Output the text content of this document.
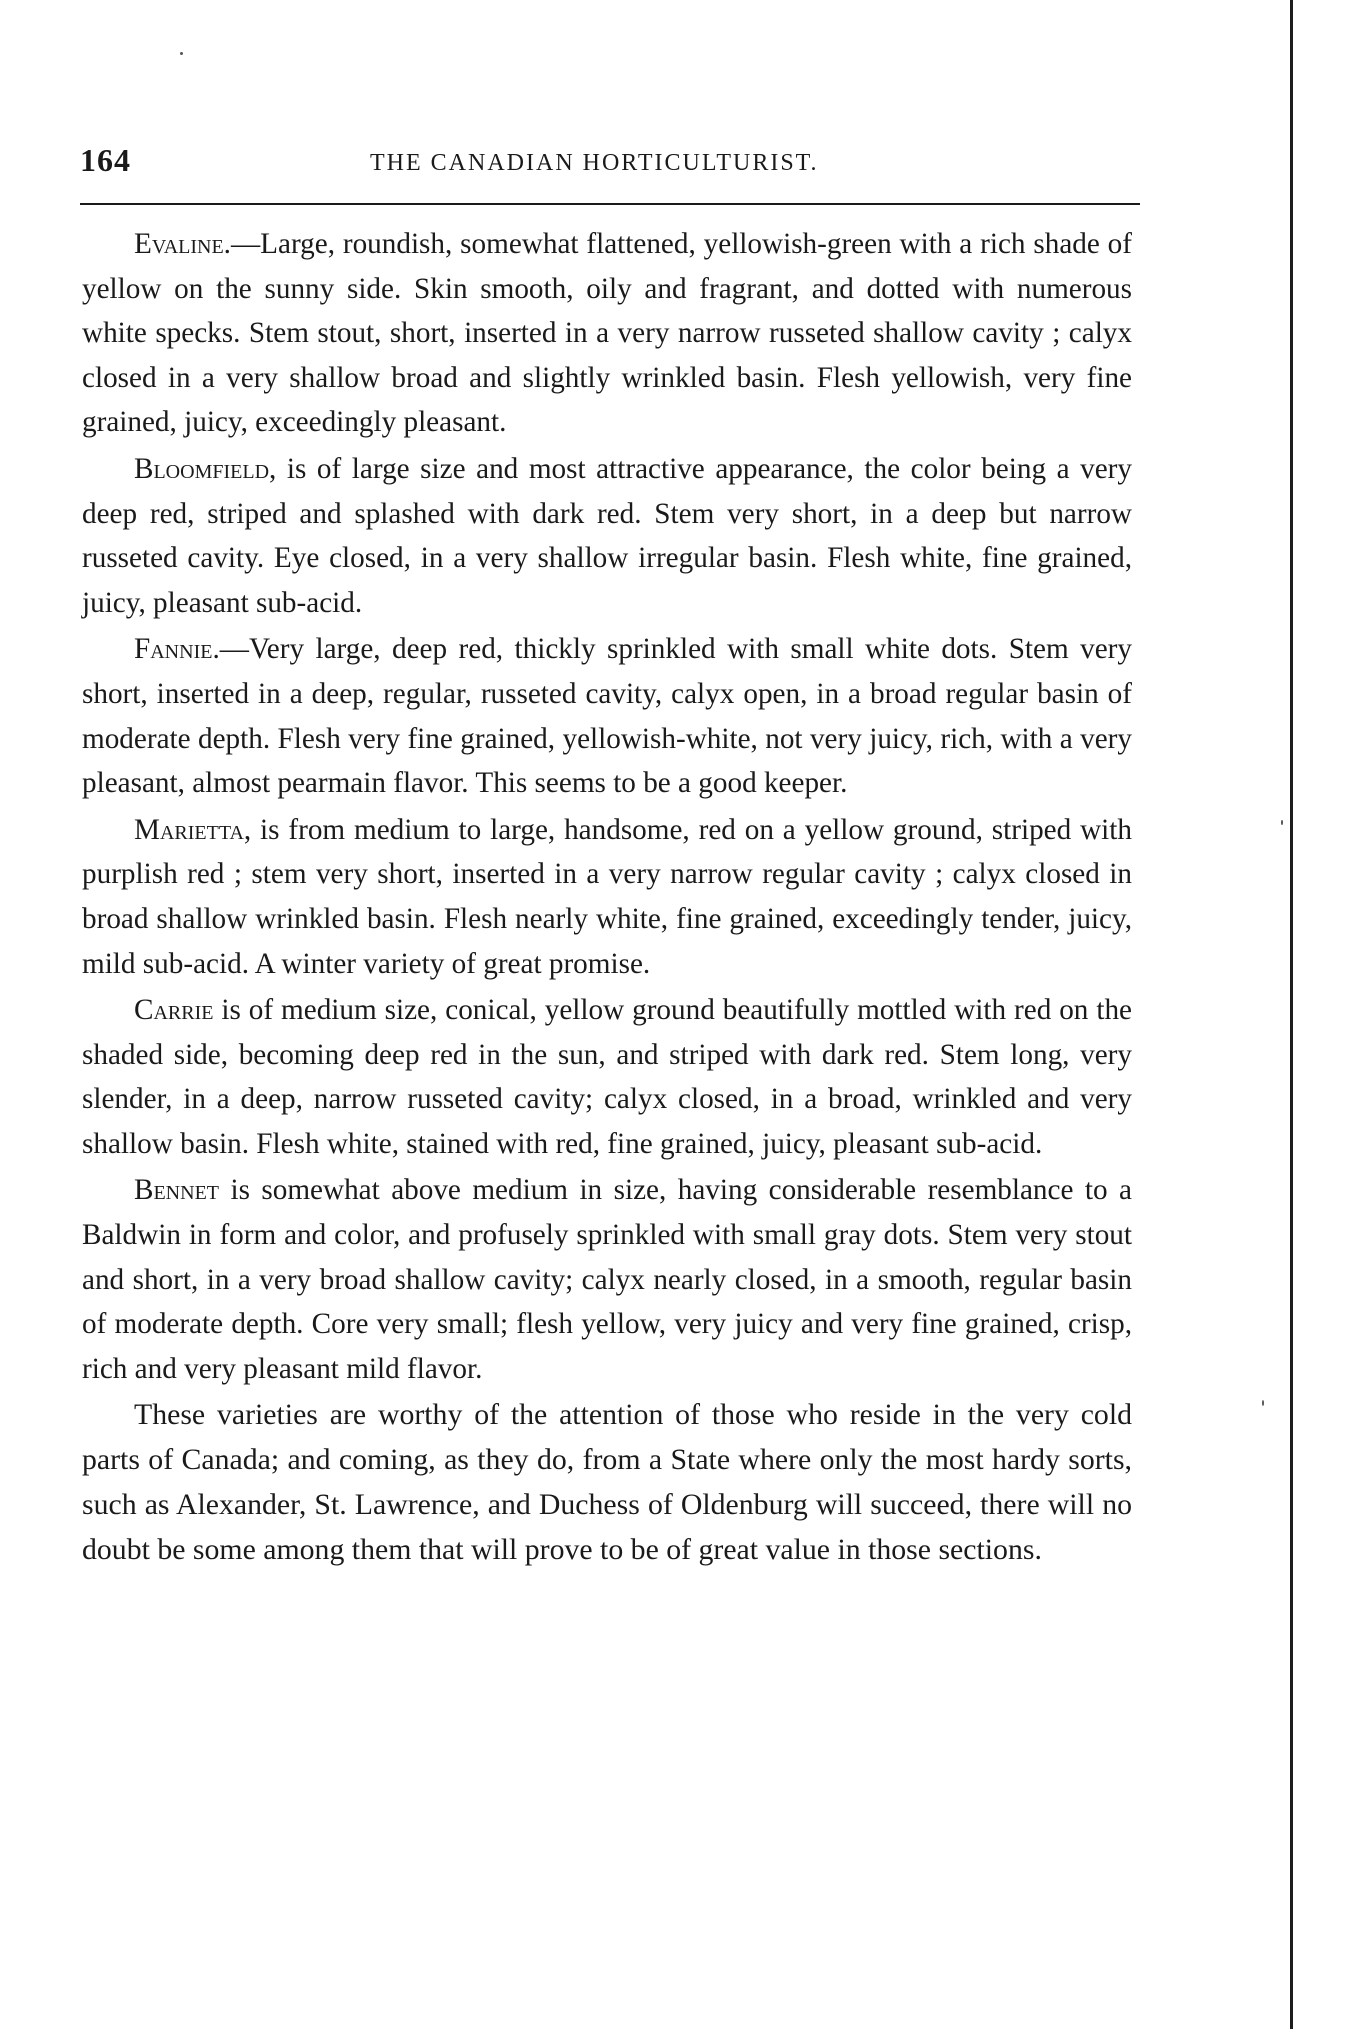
164	THE CANADIAN HORTICULTURIST.

Evaline.—Large, roundish, somewhat flattened, yellowish-green with a rich shade of yellow on the sunny side. Skin smooth, oily and fragrant, and dotted with numerous white specks. Stem stout, short, inserted in a very narrow russeted shallow cavity ; calyx closed in a very shallow broad and slightly wrinkled basin. Flesh yellowish, very fine grained, juicy, exceedingly pleasant.

Bloomfield, is of large size and most attractive appearance, the color being a very deep red, striped and splashed with dark red. Stem very short, in a deep but narrow russeted cavity. Eye closed, in a very shallow irregular basin. Flesh white, fine grained, juicy, pleasant sub-acid.

Fannie.—Very large, deep red, thickly sprinkled with small white dots. Stem very short, inserted in a deep, regular, russeted cavity, calyx open, in a broad regular basin of moderate depth. Flesh very fine grained, yellowish-white, not very juicy, rich, with a very pleasant, almost pearmain flavor. This seems to be a good keeper.

Marietta, is from medium to large, handsome, red on a yellow ground, striped with purplish red ; stem very short, inserted in a very narrow regular cavity ; calyx closed in broad shallow wrinkled basin. Flesh nearly white, fine grained, exceedingly tender, juicy, mild sub-acid. A winter variety of great promise.

Carrie is of medium size, conical, yellow ground beautifully mottled with red on the shaded side, becoming deep red in the sun, and striped with dark red. Stem long, very slender, in a deep, narrow russeted cavity; calyx closed, in a broad, wrinkled and very shallow basin. Flesh white, stained with red, fine grained, juicy, pleasant sub-acid.

Bennet is somewhat above medium in size, having considerable resemblance to a Baldwin in form and color, and profusely sprinkled with small gray dots. Stem very stout and short, in a very broad shallow cavity; calyx nearly closed, in a smooth, regular basin of moderate depth. Core very small; flesh yellow, very juicy and very fine grained, crisp, rich and very pleasant mild flavor.

These varieties are worthy of the attention of those who reside in the very cold parts of Canada; and coming, as they do, from a State where only the most hardy sorts, such as Alexander, St. Lawrence, and Duchess of Oldenburg will succeed, there will no doubt be some among them that will prove to be of great value in those sections.
